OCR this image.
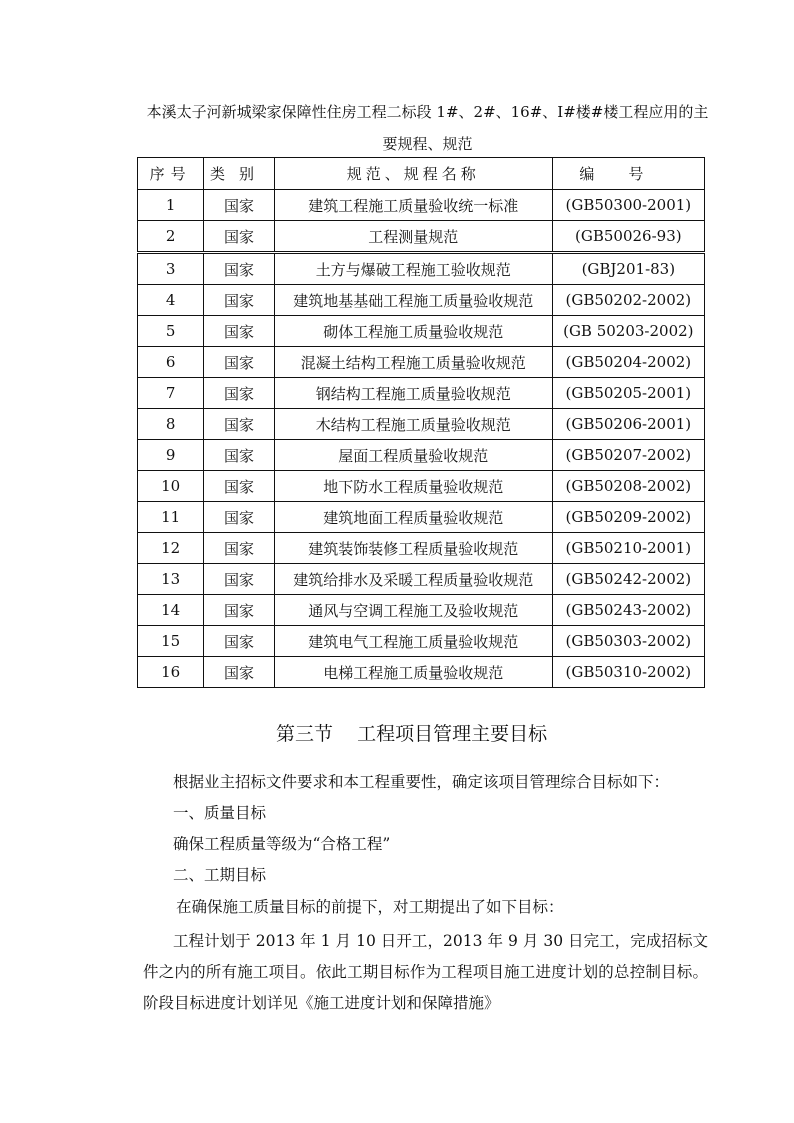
本溪太子河新城梁家保障性住房工程二标段 1#、2#、16#、I#楼#楼工程应用的主要规程、规范
序号	类别	规范、规程名称	编号
1	国家	建筑工程施工质量验收统一标准	(GB50300-2001)
2	国家	工程测量规范	(GB50026-93)
3	国家	土方与爆破工程施工验收规范	(GBJ201-83)
4	国家	建筑地基基础工程施工质量验收规范	(GB50202-2002)
5	国家	砌体工程施工质量验收规范	(GB 50203-2002)
6	国家	混凝土结构工程施工质量验收规范	(GB50204-2002)
7	国家	钢结构工程施工质量验收规范	(GB50205-2001)
8	国家	木结构工程施工质量验收规范	(GB50206-2001)
9	国家	屋面工程质量验收规范	(GB50207-2002)
10	国家	地下防水工程质量验收规范	(GB50208-2002)
11	国家	建筑地面工程质量验收规范	(GB50209-2002)
12	国家	建筑装饰装修工程质量验收规范	(GB50210-2001)
13	国家	建筑给排水及采暖工程质量验收规范	(GB50242-2002)
14	国家	通风与空调工程施工及验收规范	(GB50243-2002)
15	国家	建筑电气工程施工质量验收规范	(GB50303-2002)
16	国家	电梯工程施工质量验收规范	(GB50310-2002)
第三节    工程项目管理主要目标
根据业主招标文件要求和本工程重要性，确定该项目管理综合目标如下：
一、质量目标
确保工程质量等级为“合格工程”
二、工期目标
在确保施工质量目标的前提下，对工期提出了如下目标：
工程计划于 2013 年 1 月 10 日开工，2013 年 9 月 30 日完工，完成招标文件之内的所有施工项目。依此工期目标作为工程项目施工进度计划的总控制目标。阶段目标进度计划详见《施工进度计划和保障措施》
